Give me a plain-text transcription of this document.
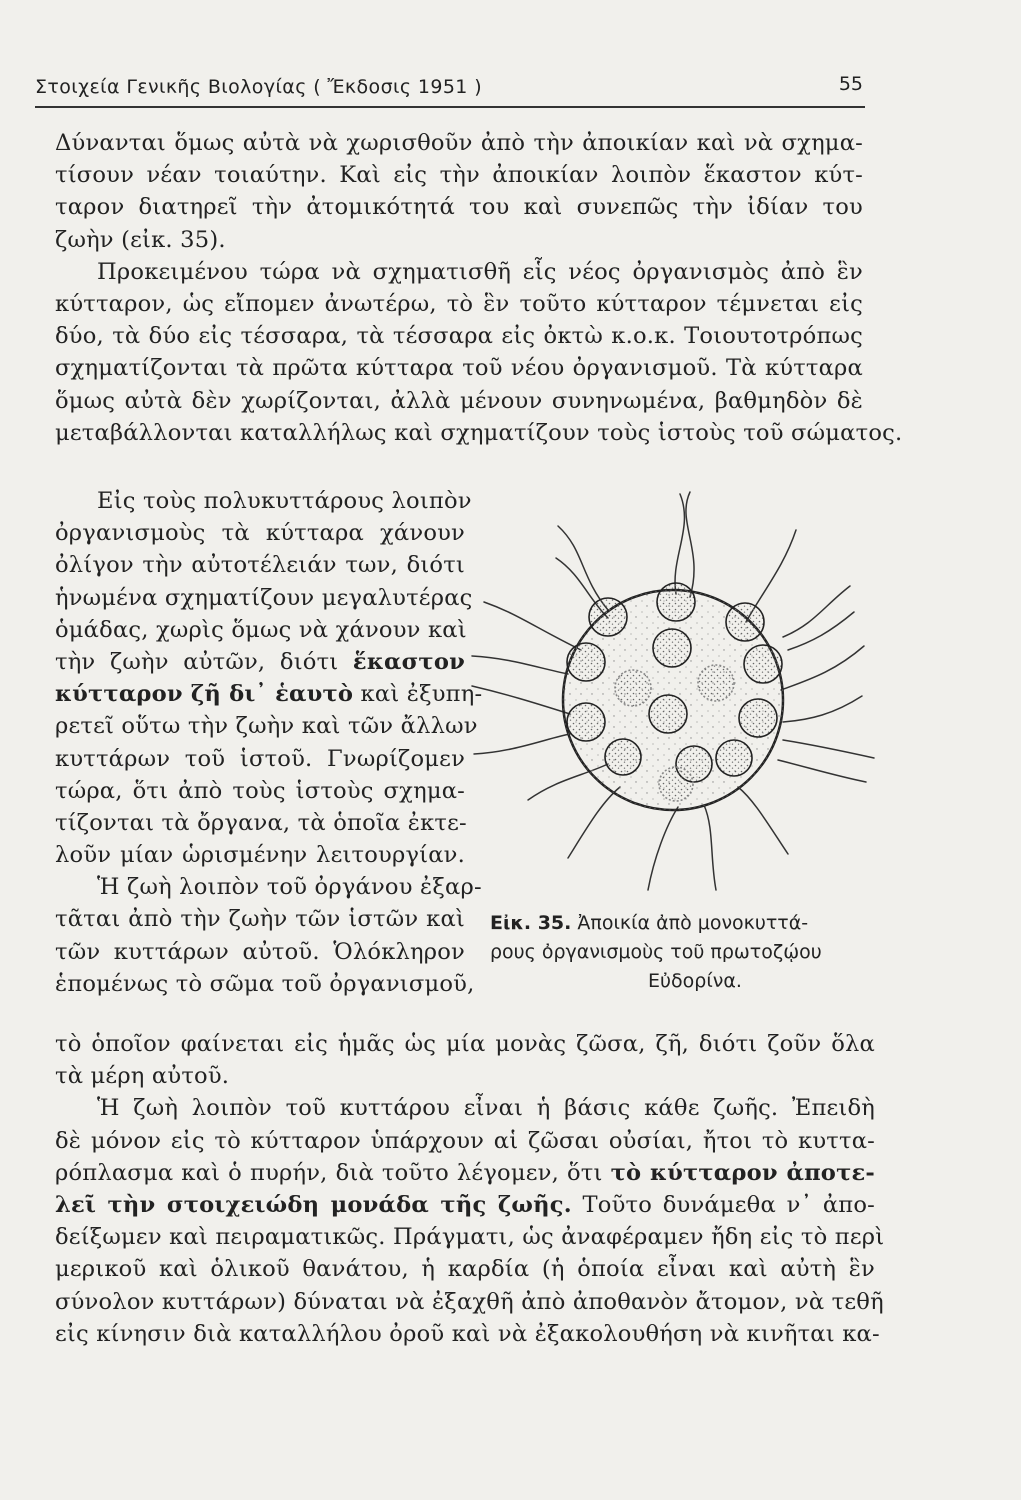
Στοιχεία Γενικῆς Βιολογίας ( Ἔκδοσις 1951 )	55
Δύνανται ὅμως αὐτὰ νὰ χωρισθοῦν ἀπὸ τὴν ἀποικίαν καὶ νὰ σχημα-
τίσουν νέαν τοιαύτην. Καὶ εἰς τὴν ἀποικίαν λοιπὸν ἕκαστον κύτ-
ταρον διατηρεῖ τὴν ἀτομικότητά του καὶ συνεπῶς τὴν ἰδίαν του
ζωὴν (εἰκ. 35).
Προκειμένου τώρα νὰ σχηματισθῆ εἷς νέος ὀργανισμὸς ἀπὸ ἓν
κύτταρον, ὡς εἴπομεν ἀνωτέρω, τὸ ἓν τοῦτο κύτταρον τέμνεται εἰς
δύο, τὰ δύο εἰς τέσσαρα, τὰ τέσσαρα εἰς ὀκτὼ κ.ο.κ. Τοιουτοτρόπως
σχηματίζονται τὰ πρῶτα κύτταρα τοῦ νέου ὀργανισμοῦ. Τὰ κύτταρα
ὅμως αὐτὰ δὲν χωρίζονται, ἀλλὰ μένουν συνηνωμένα, βαθμηδὸν δὲ
μεταβάλλονται καταλλήλως καὶ σχηματίζουν τοὺς ἱστοὺς τοῦ σώματος.
Εἰς τοὺς πολυκυττάρους λοιπὸν
ὀργανισμοὺς τὰ κύτταρα χάνουν
ὀλίγον τὴν αὐτοτέλειάν των, διότι
ἡνωμένα σχηματίζουν μεγαλυτέρας
ὁμάδας, χωρὶς ὅμως νὰ χάνουν καὶ
τὴν ζωὴν αὐτῶν, διότι ἕκαστον
κύτταρον ζῆ δι᾽ ἑαυτὸ καὶ ἐξυπη-
ρετεῖ οὕτω τὴν ζωὴν καὶ τῶν ἄλλων
κυττάρων τοῦ ἱστοῦ. Γνωρίζομεν
τώρα, ὅτι ἀπὸ τοὺς ἱστοὺς σχημα-
τίζονται τὰ ὄργανα, τὰ ὁποῖα ἐκτε-
λοῦν μίαν ὡρισμένην λειτουργίαν.
Ἡ ζωὴ λοιπὸν τοῦ ὀργάνου ἐξαρ-
τᾶται ἀπὸ τὴν ζωὴν τῶν ἱστῶν καὶ
τῶν κυττάρων αὐτοῦ. Ὁλόκληρον
ἑπομένως τὸ σῶμα τοῦ ὀργανισμοῦ,
Εἰκ. 35. Ἀποικία ἀπὸ μονοκυττά-
ρους ὀργανισμοὺς τοῦ πρωτοζῴου
Εὐδορίνα.
τὸ ὁποῖον φαίνεται εἰς ἡμᾶς ὡς μία μονὰς ζῶσα, ζῆ, διότι ζοῦν ὅλα
τὰ μέρη αὐτοῦ.
Ἡ ζωὴ λοιπὸν τοῦ κυττάρου εἶναι ἡ βάσις κάθε ζωῆς. Ἐπειδὴ
δὲ μόνον εἰς τὸ κύτταρον ὑπάρχουν αἱ ζῶσαι οὐσίαι, ἤτοι τὸ κυττα-
ρόπλασμα καὶ ὁ πυρήν, διὰ τοῦτο λέγομεν, ὅτι τὸ κύτταρον ἀποτε-
λεῖ τὴν στοιχειώδη μονάδα τῆς ζωῆς. Τοῦτο δυνάμεθα ν᾽ ἀπο-
δείξωμεν καὶ πειραματικῶς. Πράγματι, ὡς ἀναφέραμεν ἤδη εἰς τὸ περὶ
μερικοῦ καὶ ὁλικοῦ θανάτου, ἡ καρδία (ἡ ὁποία εἶναι καὶ αὐτὴ ἓν
σύνολον κυττάρων) δύναται νὰ ἐξαχθῆ ἀπὸ ἀποθανὸν ἄτομον, νὰ τεθῆ
εἰς κίνησιν διὰ καταλλήλου ὀροῦ καὶ νὰ ἐξακολουθήση νὰ κινῆται κα-
